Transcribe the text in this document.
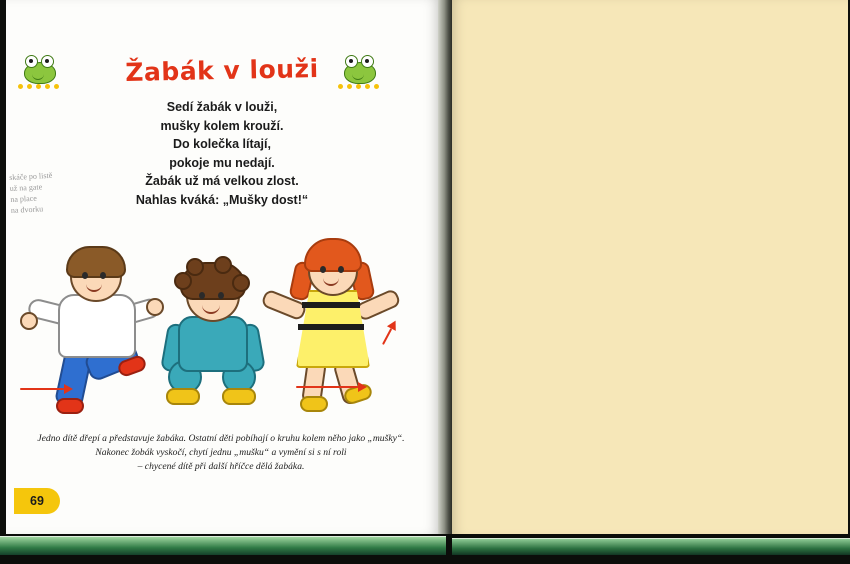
Žabák v louži
Sedí žabák v louži,
mušky kolem krouží.
Do kolečka lítají,
pokoje mu nedají.
Žabák už má velkou zlost.
Nahlas kváká: „Mušky dost!“
skáče po listě
už na gate
na place
na dvorku
Jedno dítě dřepí a představuje žabáka. Ostatní děti pobíhají o kruhu kolem něho jako „mušky“.
Nakonec žobák vyskočí, chytí jednu „mušku“ a vymění si s ní roli
– chycené dítě při další hříčce dělá žabáka.
69
